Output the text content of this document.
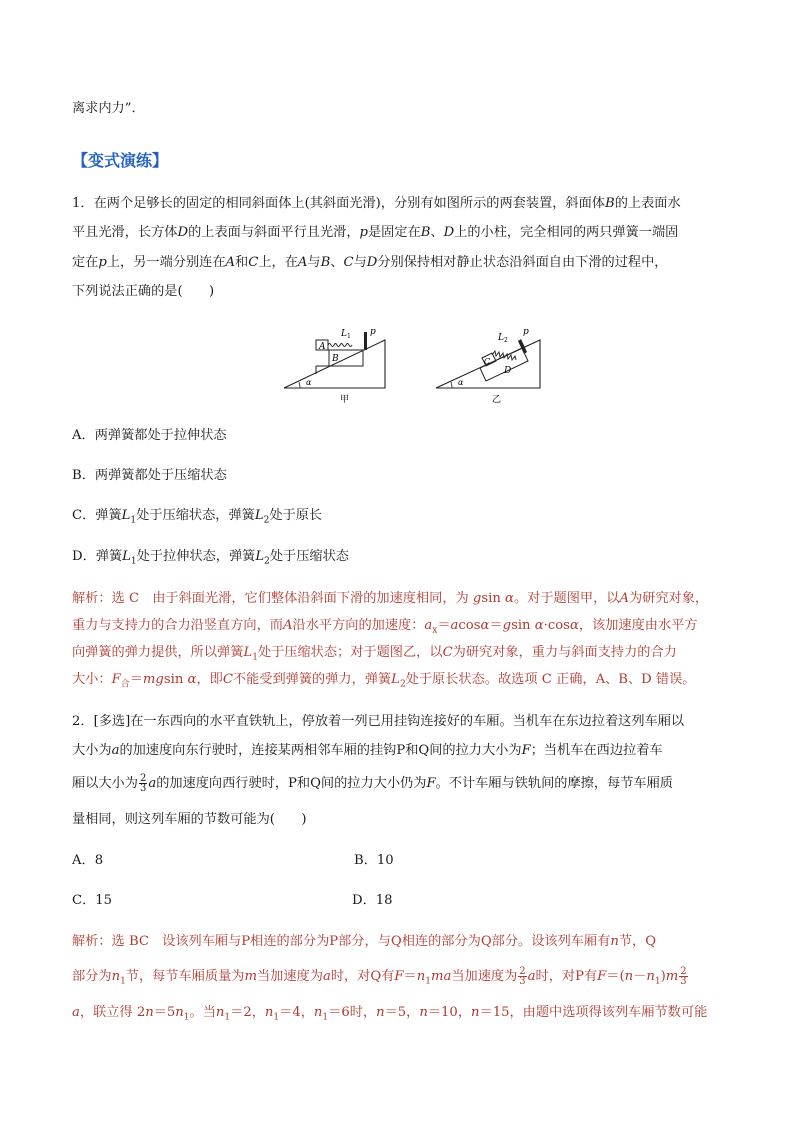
离求内力”．
【变式演练】
1．在两个足够长的固定的相同斜面体上(其斜面光滑)，分别有如图所示的两套装置，斜面体B的上表面水
平且光滑，长方体D的上表面与斜面平行且光滑，p是固定在B、D上的小柱，完全相同的两只弹簧一端固
定在p上，另一端分别连在A和C上，在A与B、C与D分别保持相对静止状态沿斜面自由下滑的过程中，
下列说法正确的是(　　)
A
B
L 1 p
α
甲
C
D
L 2
p
α
乙
A．两弹簧都处于拉伸状态
B．两弹簧都处于压缩状态
C．弹簧$L_1$处于压缩状态，弹簧$L_2$处于原长
D．弹簧$L_1$处于拉伸状态，弹簧$L_2$处于压缩状态
解析：选 C　由于斜面光滑，它们整体沿斜面下滑的加速度相同，为 gsin α。对于题图甲，以A为研究对象，
重力与支持力的合力沿竖直方向，而A沿水平方向的加速度：$a_x=acos\alpha=gsin$ α·cosα，该加速度由水平方
向弹簧的弹力提供，所以弹簧$L_1$处于压缩状态；对于题图乙，以C为研究对象，重力与斜面支持力的合力
大小：$F_合=mgsin$ α，即C不能受到弹簧的弹力，弹簧$L_2$处于原长状态。故选项 C 正确，A、B、D 错误。
2．[多选]在一东西向的水平直铁轨上，停放着一列已用挂钩连接好的车厢。当机车在东边拉着这列车厢以
大小为a的加速度向东行驶时，连接某两相邻车厢的挂钩P和Q间的拉力大小为F；当机车在西边拉着车
厢以大小为 $\frac{2}{3}$ a的加速度向西行驶时，P和Q间的拉力大小仍为F。不计车厢与铁轨间的摩擦，每节车厢质
量相同，则这列车厢的节数可能为(　　)
A．8	B．10
C．15	D．18
解析：选 BC　设该列车厢与P相连的部分为P部分，与Q相连的部分为Q部分。设该列车厢有n节，Q
部分为$n_1$节，每节车厢质量为m当加速度为a时，对Q有$F=n_1ma$当加速度为 $\frac{2}{3}$ a时，对P有$F=(n-n_1)m \frac{2}{3}$
a，联立得 $2n=5n_1$。当$n_1=2$，$n_1=4$，$n_1=6$时，n＝5，n＝10，n＝15，由题中选项得该列车厢节数可能
